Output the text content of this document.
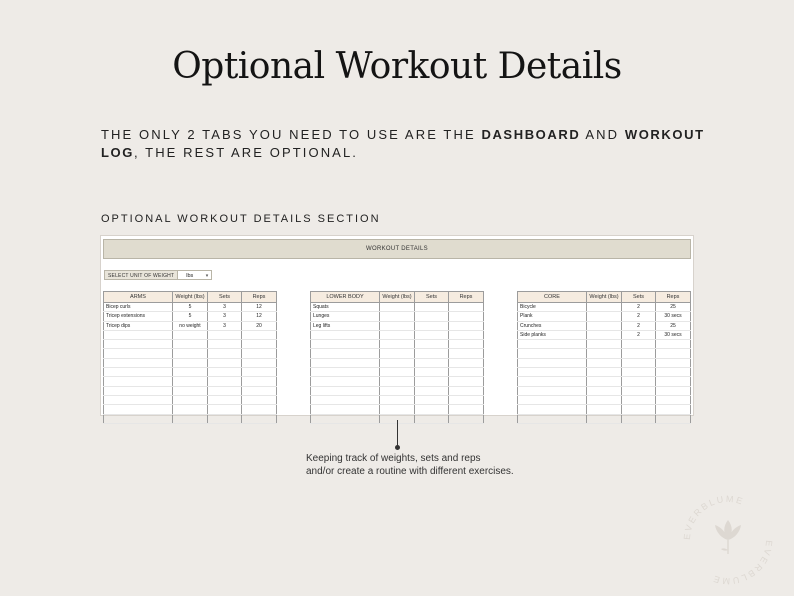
Optional Workout Details
THE ONLY 2 TABS YOU NEED TO USE ARE THE DASHBOARD AND WORKOUT LOG, THE REST ARE OPTIONAL.
OPTIONAL WORKOUT DETAILS SECTION
WORKOUT DETAILS
SELECT UNIT OF WEIGHT	lbs ▾
ARMS	Weight (lbs)	Sets	Reps
Bicep curls	5	3	12
Tricep extensions	5	3	12
Tricep dips	no weight	3	20

LOWER BODY	Weight (lbs)	Sets	Reps
Squats			
Lunges			
Leg lifts			

CORE	Weight (lbs)	Sets	Reps
Bicycle		2	25
Plank		2	30 secs
Crunches		2	25
Side planks		2	30 secs

Keeping track of weights, sets and reps
and/or create a routine with different exercises.
EVERBLUME
EVERBLUME
